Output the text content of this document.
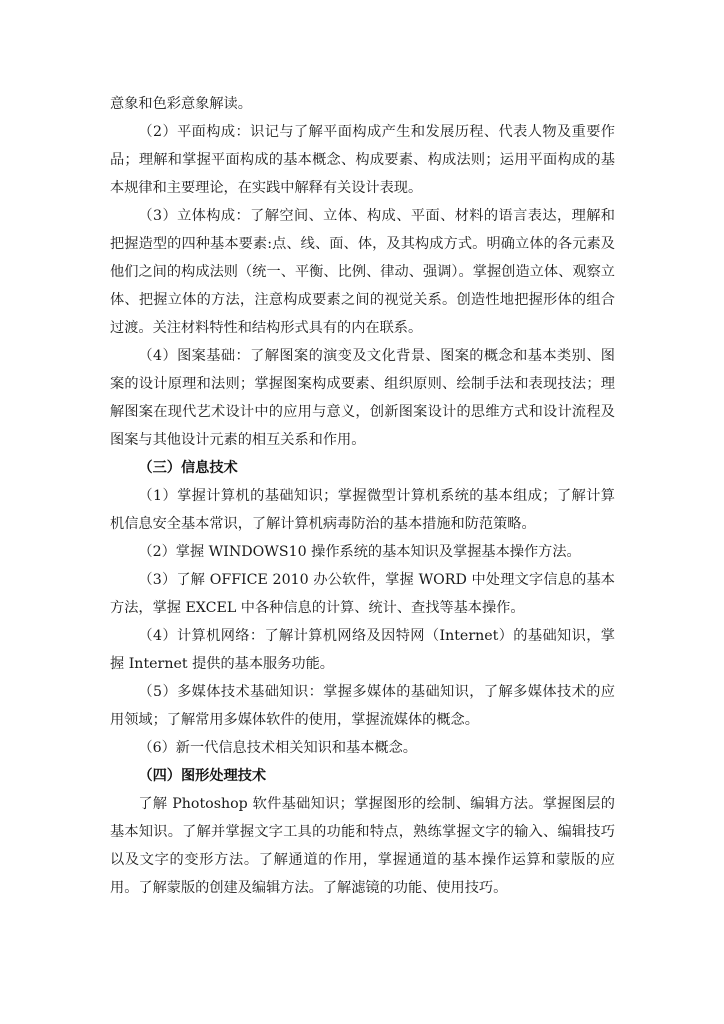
意象和色彩意象解读。

（2）平面构成：识记与了解平面构成产生和发展历程、代表人物及重要作品；理解和掌握平面构成的基本概念、构成要素、构成法则；运用平面构成的基本规律和主要理论，在实践中解释有关设计表现。

（3）立体构成：了解空间、立体、构成、平面、材料的语言表达，理解和把握造型的四种基本要素:点、线、面、体，及其构成方式。明确立体的各元素及他们之间的构成法则（统一、平衡、比例、律动、强调）。掌握创造立体、观察立体、把握立体的方法，注意构成要素之间的视觉关系。创造性地把握形体的组合过渡。关注材料特性和结构形式具有的内在联系。

（4）图案基础：了解图案的演变及文化背景、图案的概念和基本类别、图案的设计原理和法则；掌握图案构成要素、组织原则、绘制手法和表现技法；理解图案在现代艺术设计中的应用与意义，创新图案设计的思维方式和设计流程及图案与其他设计元素的相互关系和作用。

（三）信息技术

（1）掌握计算机的基础知识；掌握微型计算机系统的基本组成；了解计算机信息安全基本常识，了解计算机病毒防治的基本措施和防范策略。

（2）掌握 WINDOWS10 操作系统的基本知识及掌握基本操作方法。

（3）了解 OFFICE 2010 办公软件，掌握 WORD 中处理文字信息的基本方法，掌握 EXCEL 中各种信息的计算、统计、查找等基本操作。

（4）计算机网络：了解计算机网络及因特网（Internet）的基础知识，掌握 Internet 提供的基本服务功能。

（5）多媒体技术基础知识：掌握多媒体的基础知识，了解多媒体技术的应用领域；了解常用多媒体软件的使用，掌握流媒体的概念。

（6）新一代信息技术相关知识和基本概念。

（四）图形处理技术

了解 Photoshop 软件基础知识；掌握图形的绘制、编辑方法。掌握图层的基本知识。了解并掌握文字工具的功能和特点，熟练掌握文字的输入、编辑技巧以及文字的变形方法。了解通道的作用，掌握通道的基本操作运算和蒙版的应用。了解蒙版的创建及编辑方法。了解滤镜的功能、使用技巧。
